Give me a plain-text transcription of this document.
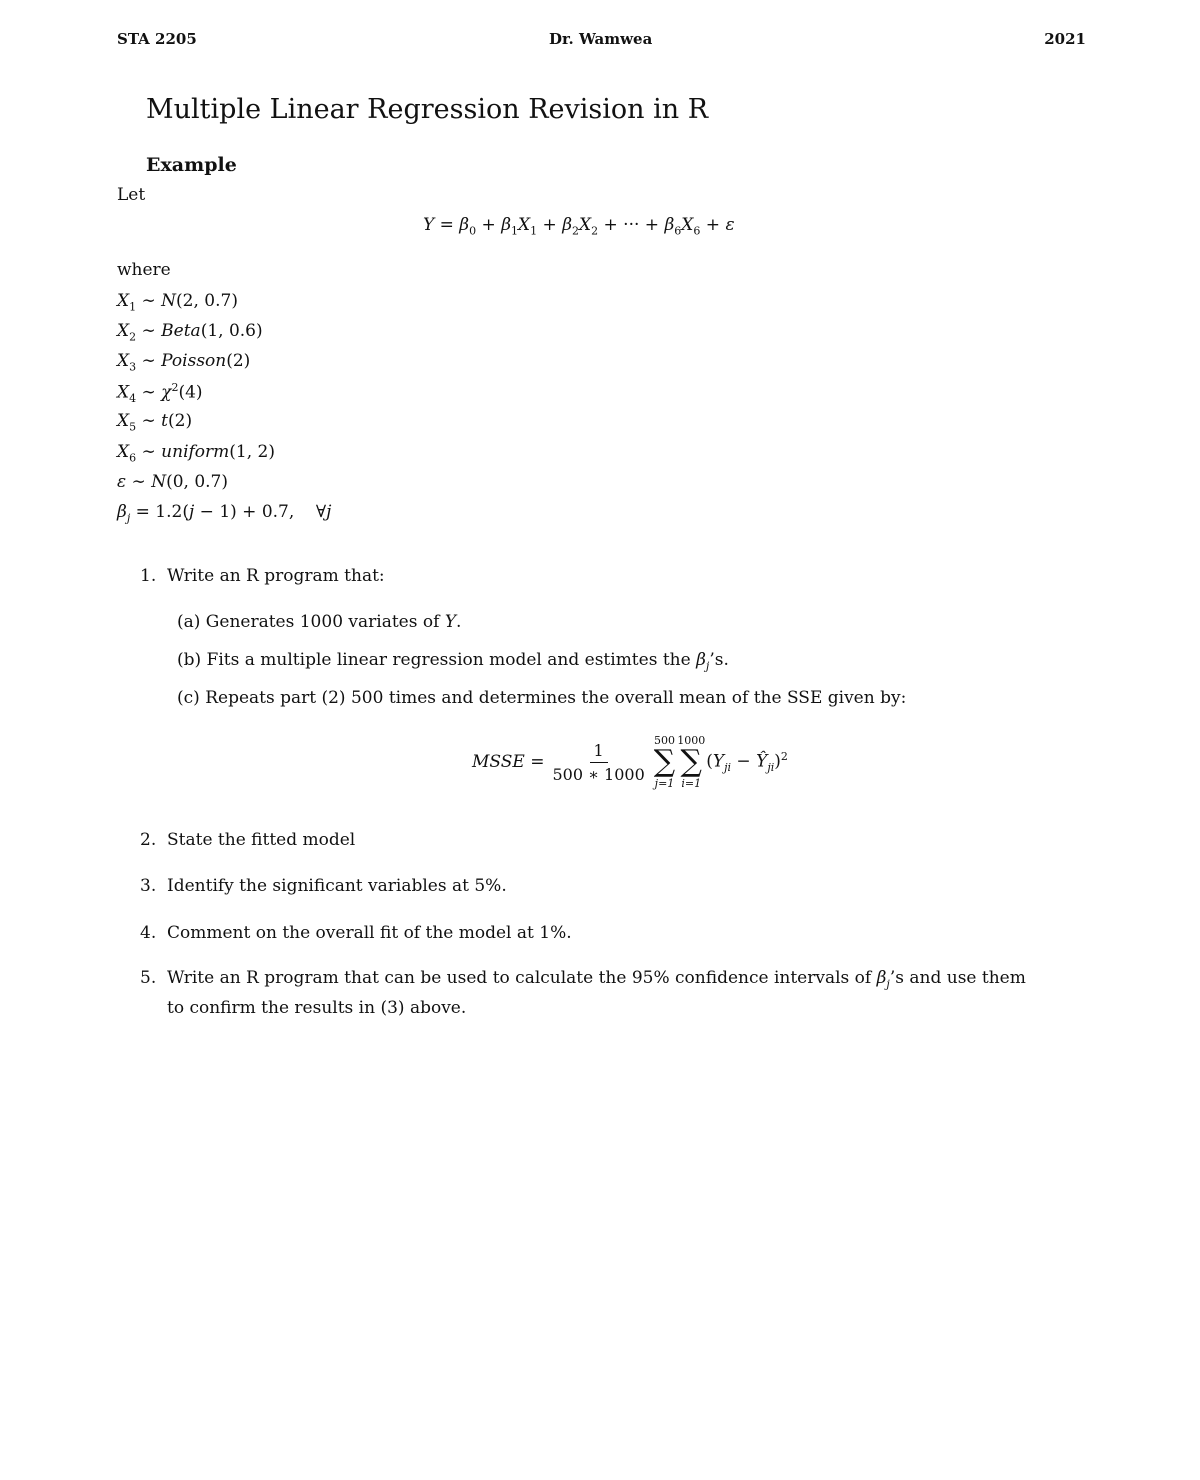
STA 2205	Dr. Wamwea	2021
Multiple Linear Regression Revision in R
Example
Let
$Y = \beta_0 + \beta_1X_1 + \beta_2X_2$ + ··· + $\beta_6X_6 + \varepsilon$
where
$X_1$ ∼ N(2, 0.7)
$X_2$ ∼ Beta(1, 0.6)
$X_3$ ∼ Poisson(2)
$X_4$ ∼ $\chi^2(4)$
$X_5$ ∼ t(2)
$X_6$ ∼ uniform(1, 2)
ε ∼ N(0, 0.7)
$\beta_j = 1.2(j - 1) + 0.7$,    ∀j
1. Write an R program that:
(a) Generates 1000 variates of Y.
(b) Fits a multiple linear regression model and estimtes the $\beta_j’s$.
(c) Repeats part (2) 500 times and determines the overall mean of the SSE given by:
MSSE = $\frac{1}{500 ∗ 1000} 500$
∑
j=1
1000
∑
i=1
($Y_{ji}$ − $Ŷ_{ji})^2$
2. State the fitted model
3. Identify the significant variables at 5%.
4. Comment on the overall fit of the model at 1%.
5. Write an R program that can be used to calculate the 95% confidence intervals of $\beta_j’s$ and use them
to confirm the results in (3) above.
